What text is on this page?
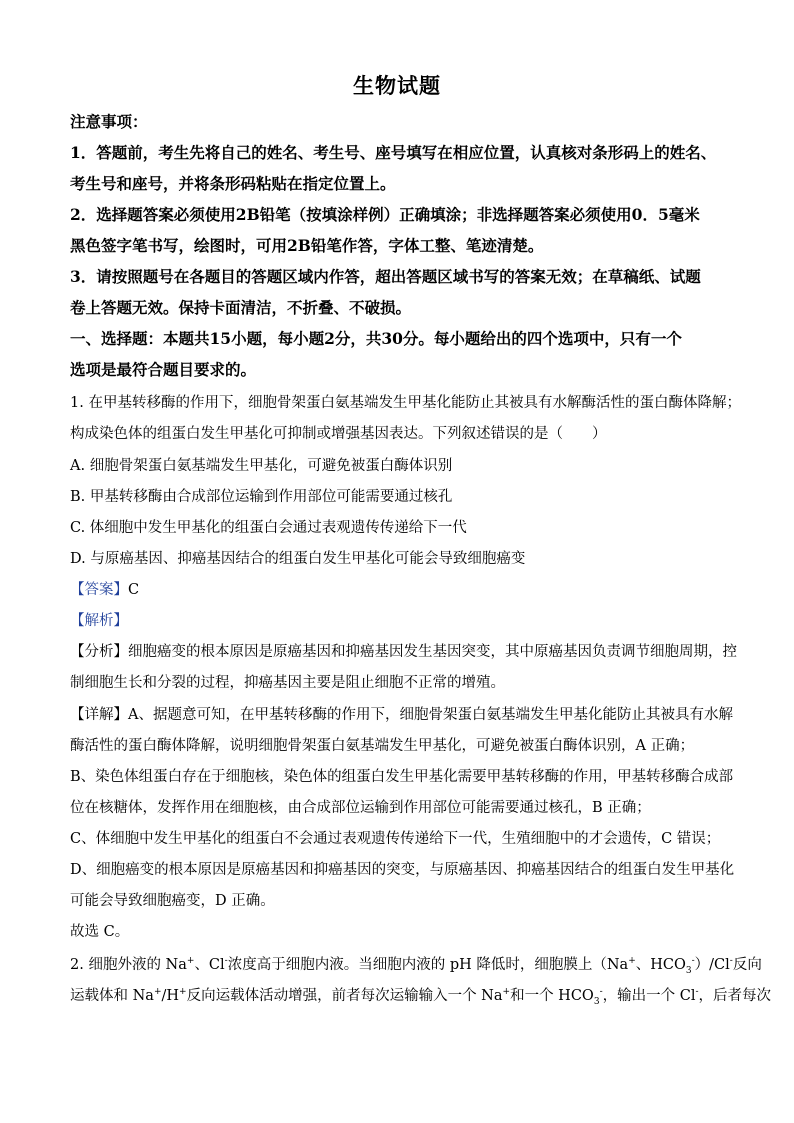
生物试题
注意事项：
1．答题前，考生先将自己的姓名、考生号、座号填写在相应位置，认真核对条形码上的姓名、
考生号和座号，并将条形码粘贴在指定位置上。
2．选择题答案必须使用2B铅笔（按填涂样例）正确填涂；非选择题答案必须使用0．5毫米
黑色签字笔书写，绘图时，可用2B铅笔作答，字体工整、笔迹清楚。
3．请按照题号在各题目的答题区域内作答，超出答题区域书写的答案无效；在草稿纸、试题
卷上答题无效。保持卡面清洁，不折叠、不破损。
一、选择题：本题共15小题，每小题2分，共30分。每小题给出的四个选项中，只有一个
选项是最符合题目要求的。
1. 在甲基转移酶的作用下，细胞骨架蛋白氨基端发生甲基化能防止其被具有水解酶活性的蛋白酶体降解；
构成染色体的组蛋白发生甲基化可抑制或增强基因表达。下列叙述错误的是（　　）
A. 细胞骨架蛋白氨基端发生甲基化，可避免被蛋白酶体识别
B. 甲基转移酶由合成部位运输到作用部位可能需要通过核孔
C. 体细胞中发生甲基化的组蛋白会通过表观遗传传递给下一代
D. 与原癌基因、抑癌基因结合的组蛋白发生甲基化可能会导致细胞癌变
【答案】C
【解析】
【分析】细胞癌变的根本原因是原癌基因和抑癌基因发生基因突变，其中原癌基因负责调节细胞周期，控
制细胞生长和分裂的过程，抑癌基因主要是阻止细胞不正常的增殖。
【详解】A、据题意可知，在甲基转移酶的作用下，细胞骨架蛋白氨基端发生甲基化能防止其被具有水解
酶活性的蛋白酶体降解，说明细胞骨架蛋白氨基端发生甲基化，可避免被蛋白酶体识别，A 正确；
B、染色体组蛋白存在于细胞核，染色体的组蛋白发生甲基化需要甲基转移酶的作用，甲基转移酶合成部
位在核糖体，发挥作用在细胞核，由合成部位运输到作用部位可能需要通过核孔，B 正确；
C、体细胞中发生甲基化的组蛋白不会通过表观遗传传递给下一代，生殖细胞中的才会遗传，C 错误；
D、细胞癌变的根本原因是原癌基因和抑癌基因的突变，与原癌基因、抑癌基因结合的组蛋白发生甲基化
可能会导致细胞癌变，D 正确。
故选 C。
2. 细胞外液的 Na+、Cl-浓度高于细胞内液。当细胞内液的 pH 降低时，细胞膜上（Na+、$HCO_3^-)/Cl^-$反向
运载体和 Na+/H+反向运载体活动增强，前者每次运输输入一个 Na+和一个 $HCO_3^-$，输出一个 Cl-，后者每次
